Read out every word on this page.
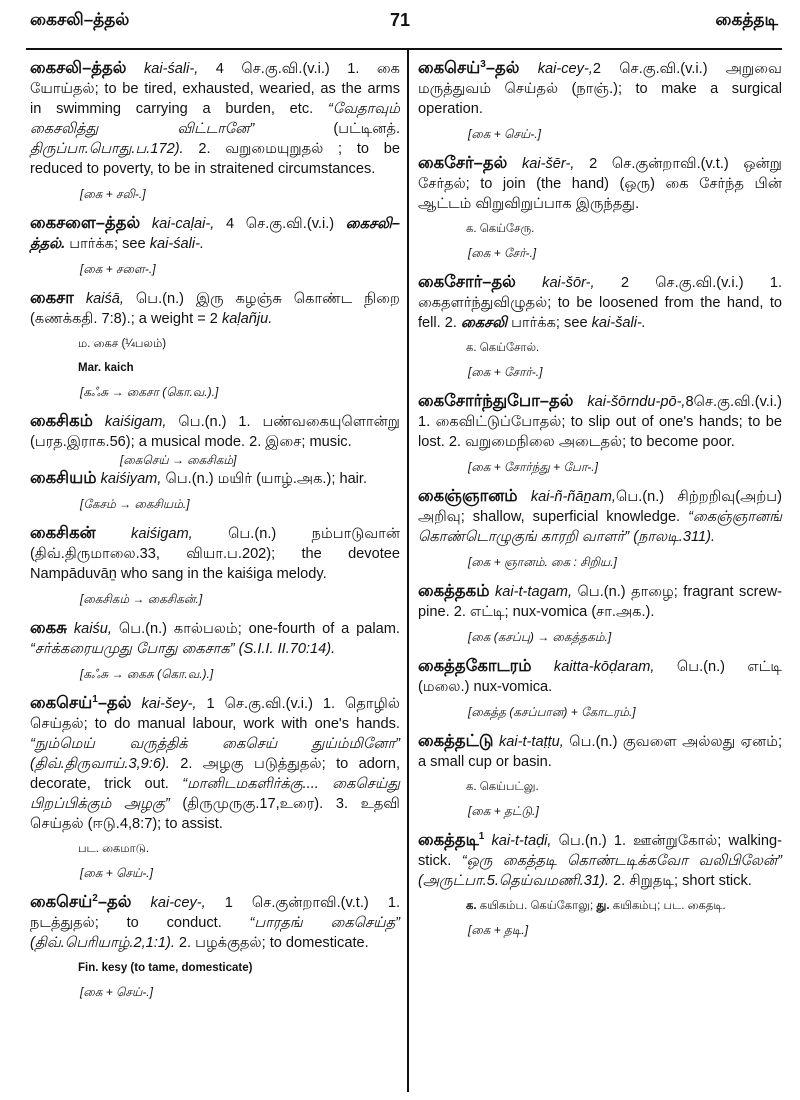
71
கைசலி–த்தல்	கைத்தடி

கைசலி–த்தல் kai-śali-, 4 செ.கு.வி.(v.i.) 1. கை யோய்தல்; to be tired, exhausted, wearied, as the arms in swimming carrying a burden, etc. “வேதாவும் கைசலித்து விட்டானே” (பட்டினத். திருப்பா.பொது.ப.172). 2. வறுமையுறுதல் ; to be reduced to poverty, to be in straitened circumstances.

[கை + சலி-.]

கைசளை–த்தல் kai-caḷai-, 4 செ.கு.வி.(v.i.) கைசலி–த்தல். பார்க்க; see kai-śali-.

[கை + சளை-.]

கைசா kaiśā, பெ.(n.) இரு கழஞ்சு கொண்ட நிறை (கணக்கதி. 7:8).; a weight = 2 kaḷañju.

ம. கைச (¼பலம்)
Mar. kaich
[கஃசு → கைசா (கொ.வ.).]

கைசிகம் kaiśigam, பெ.(n.) 1. பண்வகையுளொன்று (பரத.இராக.56); a musical mode. 2. இசை; music.

[கைசெய் → கைசிகம்]

கைசியம் kaiśiyam, பெ.(n.) மயிர் (யாழ்.அக.); hair.

[கேசம் → கைசியம்.]

கைசிகன் kaiśigam, பெ.(n.) நம்பாடுவான் (திவ்.திருமாலை.33, வியா.ப.202); the devotee Nampāduvāṉ who sang in the kaiśiga melody.

[கைசிகம் → கைசிகன்.]

கைசு kaiśu, பெ.(n.) கால்பலம்; one-fourth of a palam. “சர்க்கரையமுது போது கைசாக” (S.I.I. II.70:14).

[கஃசு → கைசு (கொ.வ.).]

கைசெய்$^1$–தல் kai-šey-, 1 செ.கு.வி.(v.i.) 1. தொழில் செய்தல்; to do manual labour, work with one's hands. “நும்மெய் வருத்திக் கைசெய் துய்ம்மினோ” (திவ்.திருவாய்.3,9:6). 2. அழகு படுத்துதல்; to adorn, decorate, trick out. “மானிடமகளிர்க்கு.... கைசெய்து பிறப்பிக்கும் அழகு” (திருமுருகு.17,உரை). 3. உதவி செய்தல் (ஈடு.4,8:7); to assist.

பட. கைமாடு.
[கை + செய்-.]

கைசெய்$^2$–தல் kai-cey-, 1 செ.குன்றாவி.(v.t.) 1. நடத்துதல்; to conduct. “பாரதங் கைசெய்த” (திவ்.பெரியாழ்.2,1:1). 2. பழக்குதல்; to domesticate.

Fin. kesy (to tame, domesticate)
[கை + செய்-.]

கைசெய்$^3$–தல் kai-cey-,2 செ.கு.வி.(v.i.) அறுவை மருத்துவம் செய்தல் (நாஞ்.); to make a surgical operation.

[கை + செய்-.]

கைசேர்–தல் kai-šēr-, 2 செ.குன்றாவி.(v.t.) ஒன்று சேர்தல்; to join (the hand) (ஒரு) கை சேர்ந்த பின் ஆட்டம் விறுவிறுப்பாக இருந்தது.

க. கெய்சேரு.
[கை + சேர்-.]

கைசோர்–தல் kai-šōr-, 2 செ.கு.வி.(v.i.) 1. கைதளர்ந்துவிழுதல்; to be loosened from the hand, to fell. 2. கைசலி பார்க்க; see kai-šali-.

க. கெய்சோல்.
[கை + சோர்-.]

கைசோர்ந்துபோ–தல் kai-šōrndu-pō-,8செ.கு.வி.(v.i.) 1. கைவிட்டுப்போதல்; to slip out of one's hands; to be lost. 2. வறுமைநிலை அடைதல்; to become poor.

[கை + சோர்ந்து + போ-.]

கைஞ்ஞானம் kai-ñ-ñāṉam,பெ.(n.) சிற்றறிவு(அற்ப) அறிவு; shallow, superficial knowledge. “கைஞ்ஞானங் கொண்டொழுகுங் காரறி வாளர்” (நாலடி.311).

[கை + ஞானம். கை : சிறிய.]

கைத்தகம் kai-t-tagam, பெ.(n.) தாழை; fragrant screw-pine. 2. எட்டி; nux-vomica (சா.அக.).

[கை (கசப்பு) → கைத்தகம்.]

கைத்தகோடரம் kaitta-kōḍaram, பெ.(n.) எட்டி (மலை.) nux-vomica.

[கைத்த (கசப்பான) + கோடரம்.]

கைத்தட்டு kai-t-taṭṭu, பெ.(n.) குவளை அல்லது ஏனம்; a small cup or basin.

க. கெய்பட்லு.
[கை + தட்டு.]

கைத்தடி$^1$ kai-t-taḍi, பெ.(n.) 1. ஊன்றுகோல்; walking-stick. “ஒரு கைத்தடி கொண்டடிக்கவோ வலிபிலேன்” (அருட்பா.5.தெய்வமணி.31). 2. சிறுதடி; short stick.

க. கயிகம்ப. கெய்கோலு; து. கயிகம்பு; பட. கைதடி.
[கை + தடி.]
